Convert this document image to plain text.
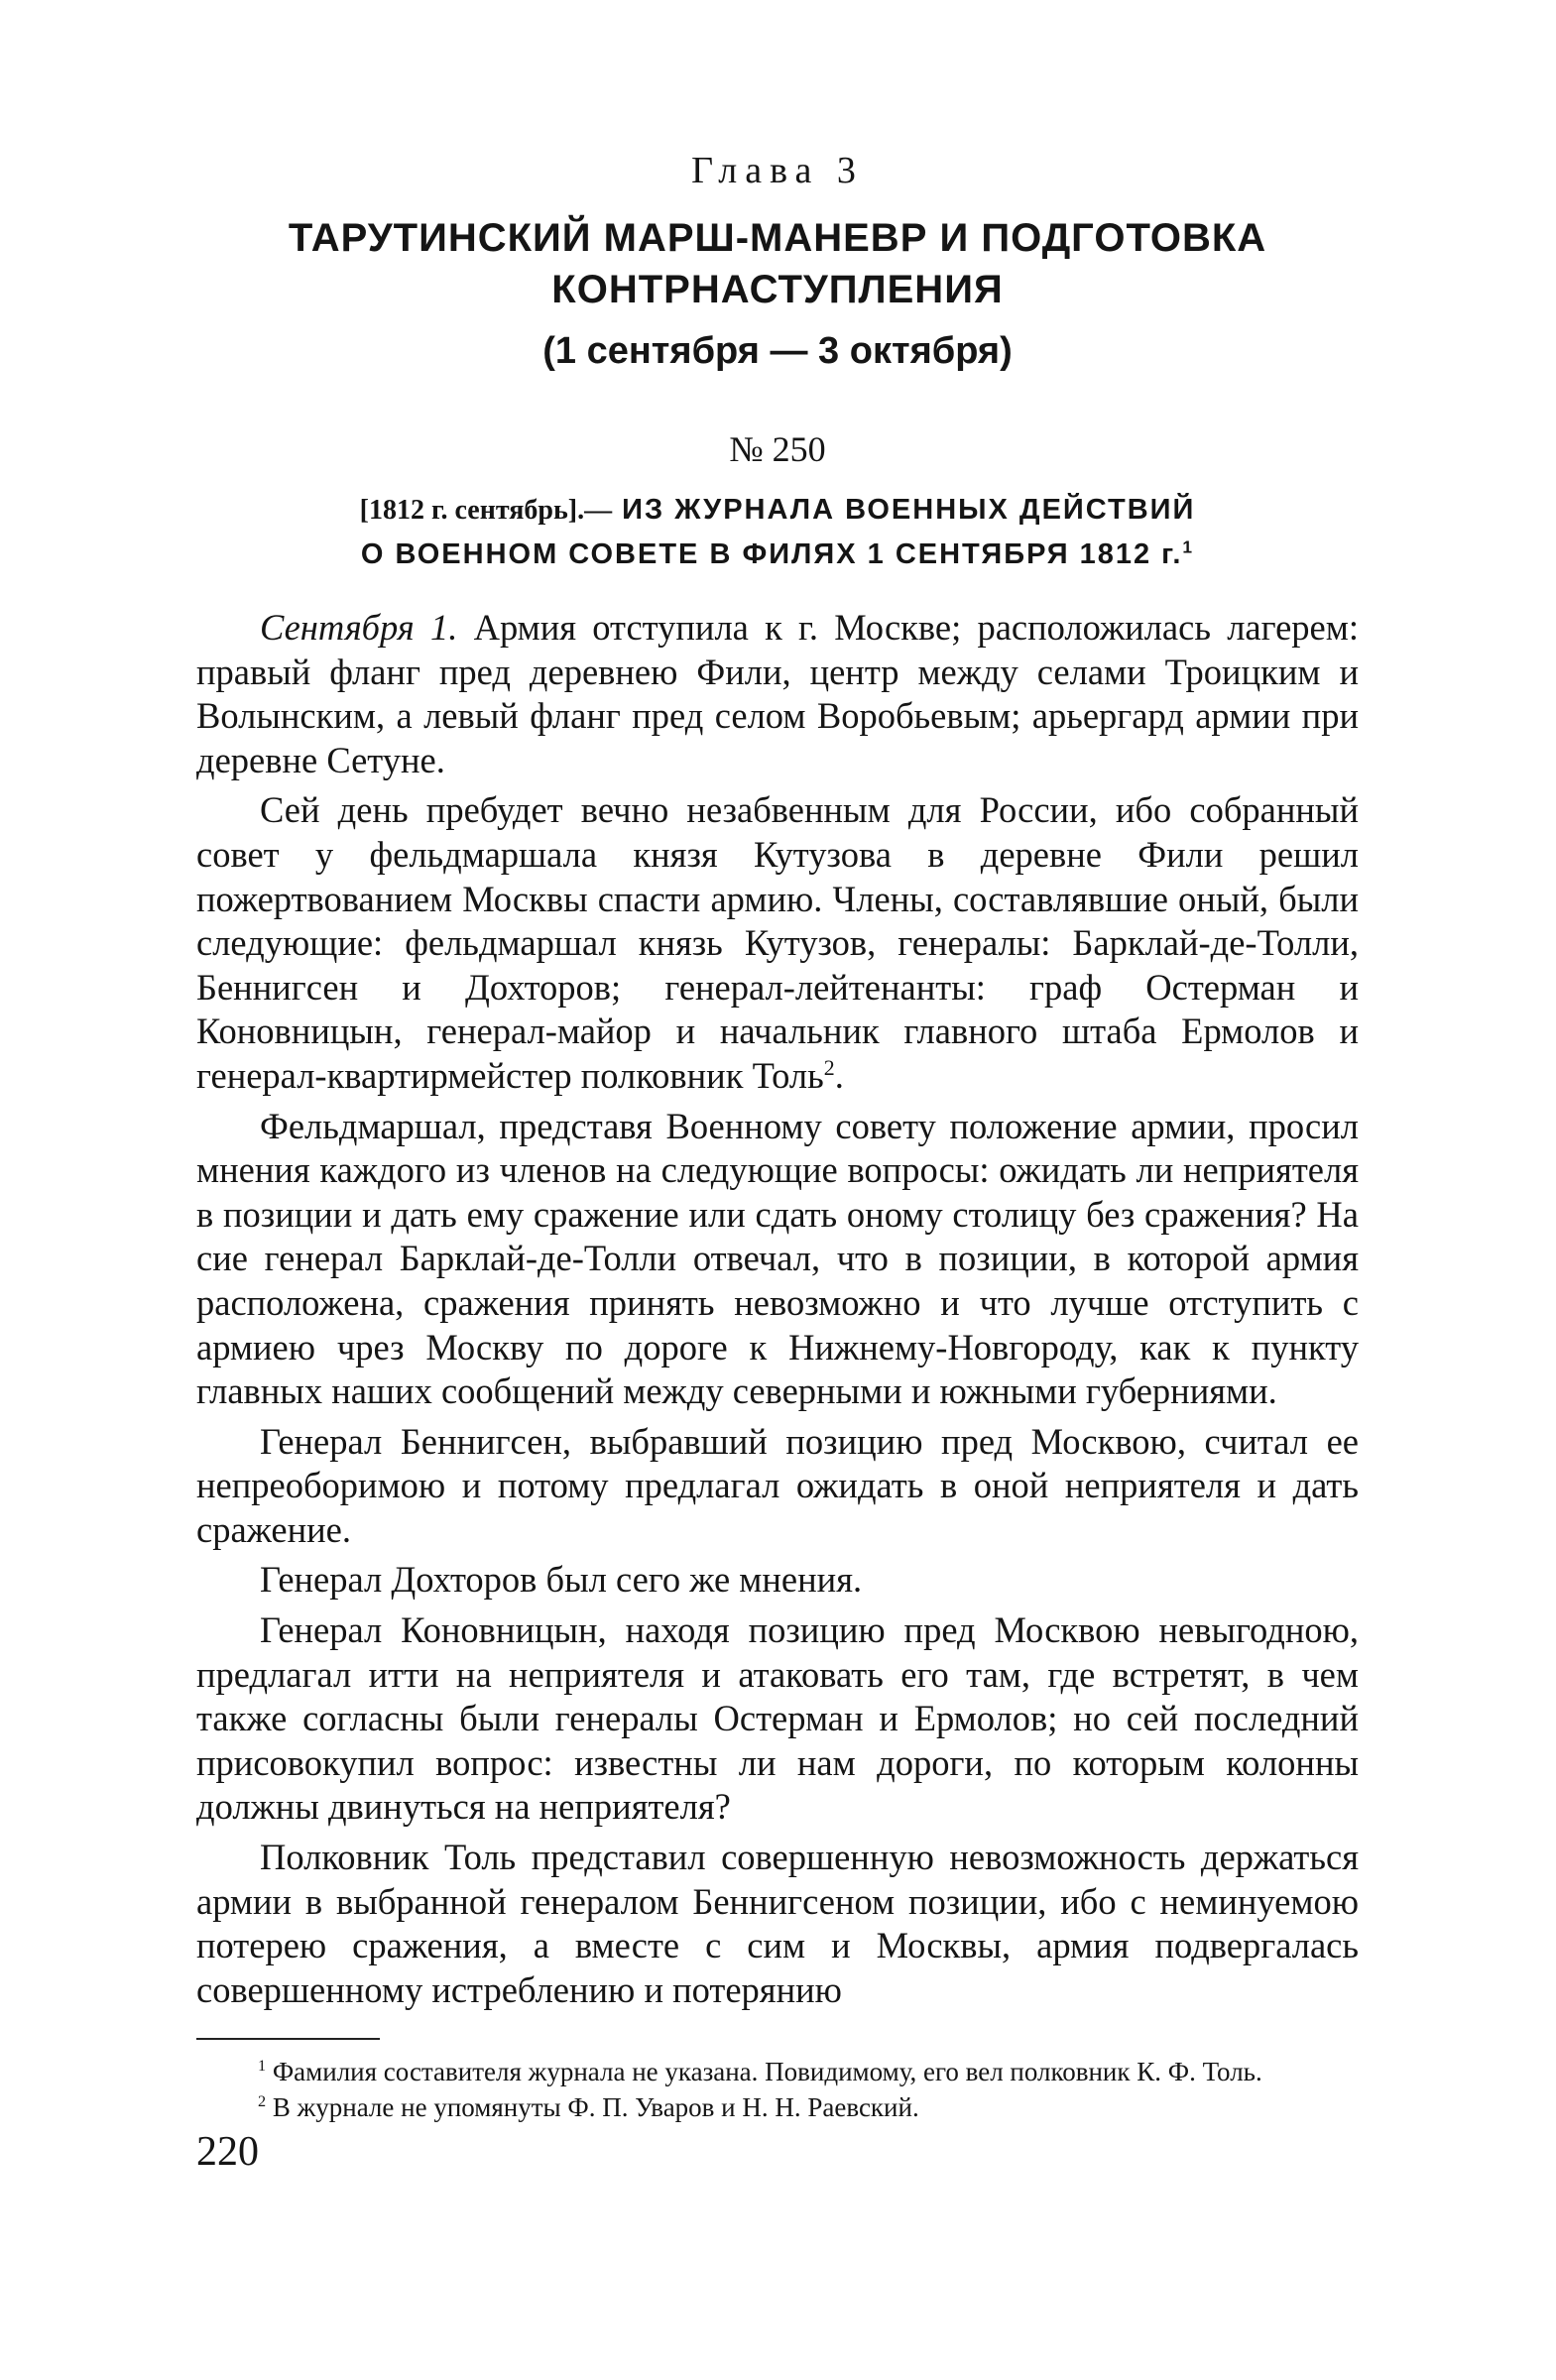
Глава 3
ТАРУТИНСКИЙ МАРШ-МАНЕВР И ПОДГОТОВКА
КОНТРНАСТУПЛЕНИЯ
(1 сентября — 3 октября)
№ 250
[1812 г. сентябрь].— ИЗ ЖУРНАЛА ВОЕННЫХ ДЕЙСТВИЙ
О ВОЕННОМ СОВЕТЕ В ФИЛЯХ 1 СЕНТЯБРЯ 1812 г.$^1$

Сентября 1. Армия отступила к г. Москве; расположилась лагерем: правый фланг пред деревнею Фили, центр между селами Троицким и Волынским, а левый фланг пред селом Воробьевым; арьергард армии при деревне Сетуне.

Сей день пребудет вечно незабвенным для России, ибо собранный совет у фельдмаршала князя Кутузова в деревне Фили решил пожертвованием Москвы спасти армию. Члены, составлявшие оный, были следующие: фельдмаршал князь Кутузов, генералы: Барклай-де-Толли, Беннигсен и Дохторов; генерал-лейтенанты: граф Остерман и Коновницын, генерал-майор и начальник главного штаба Ермолов и генерал-квартирмейстер полковник Толь$^2$.

Фельдмаршал, представя Военному совету положение армии, просил мнения каждого из членов на следующие вопросы: ожидать ли неприятеля в позиции и дать ему сражение или сдать оному столицу без сражения? На сие генерал Барклай-де-Толли отвечал, что в позиции, в которой армия расположена, сражения принять невозможно и что лучше отступить с армиею чрез Москву по дороге к Нижнему-Новгороду, как к пункту главных наших сообщений между северными и южными губерниями.

Генерал Беннигсен, выбравший позицию пред Москвою, считал ее непреоборимою и потому предлагал ожидать в оной неприятеля и дать сражение.

Генерал Дохторов был сего же мнения.

Генерал Коновницын, находя позицию пред Москвою невыгодною, предлагал итти на неприятеля и атаковать его там, где встретят, в чем также согласны были генералы Остерман и Ермолов; но сей последний присовокупил вопрос: известны ли нам дороги, по которым колонны должны двинуться на неприятеля?

Полковник Толь представил совершенную невозможность держаться армии в выбранной генералом Беннигсеном позиции, ибо с неминуемою потерею сражения, а вместе с сим и Москвы, армия подвергалась совершенному истреблению и потерянию

$^1$ Фамилия составителя журнала не указана. Повидимому, его вел полковник К. Ф. Толь.

$^2$ В журнале не упомянуты Ф. П. Уваров и Н. Н. Раевский.

220
